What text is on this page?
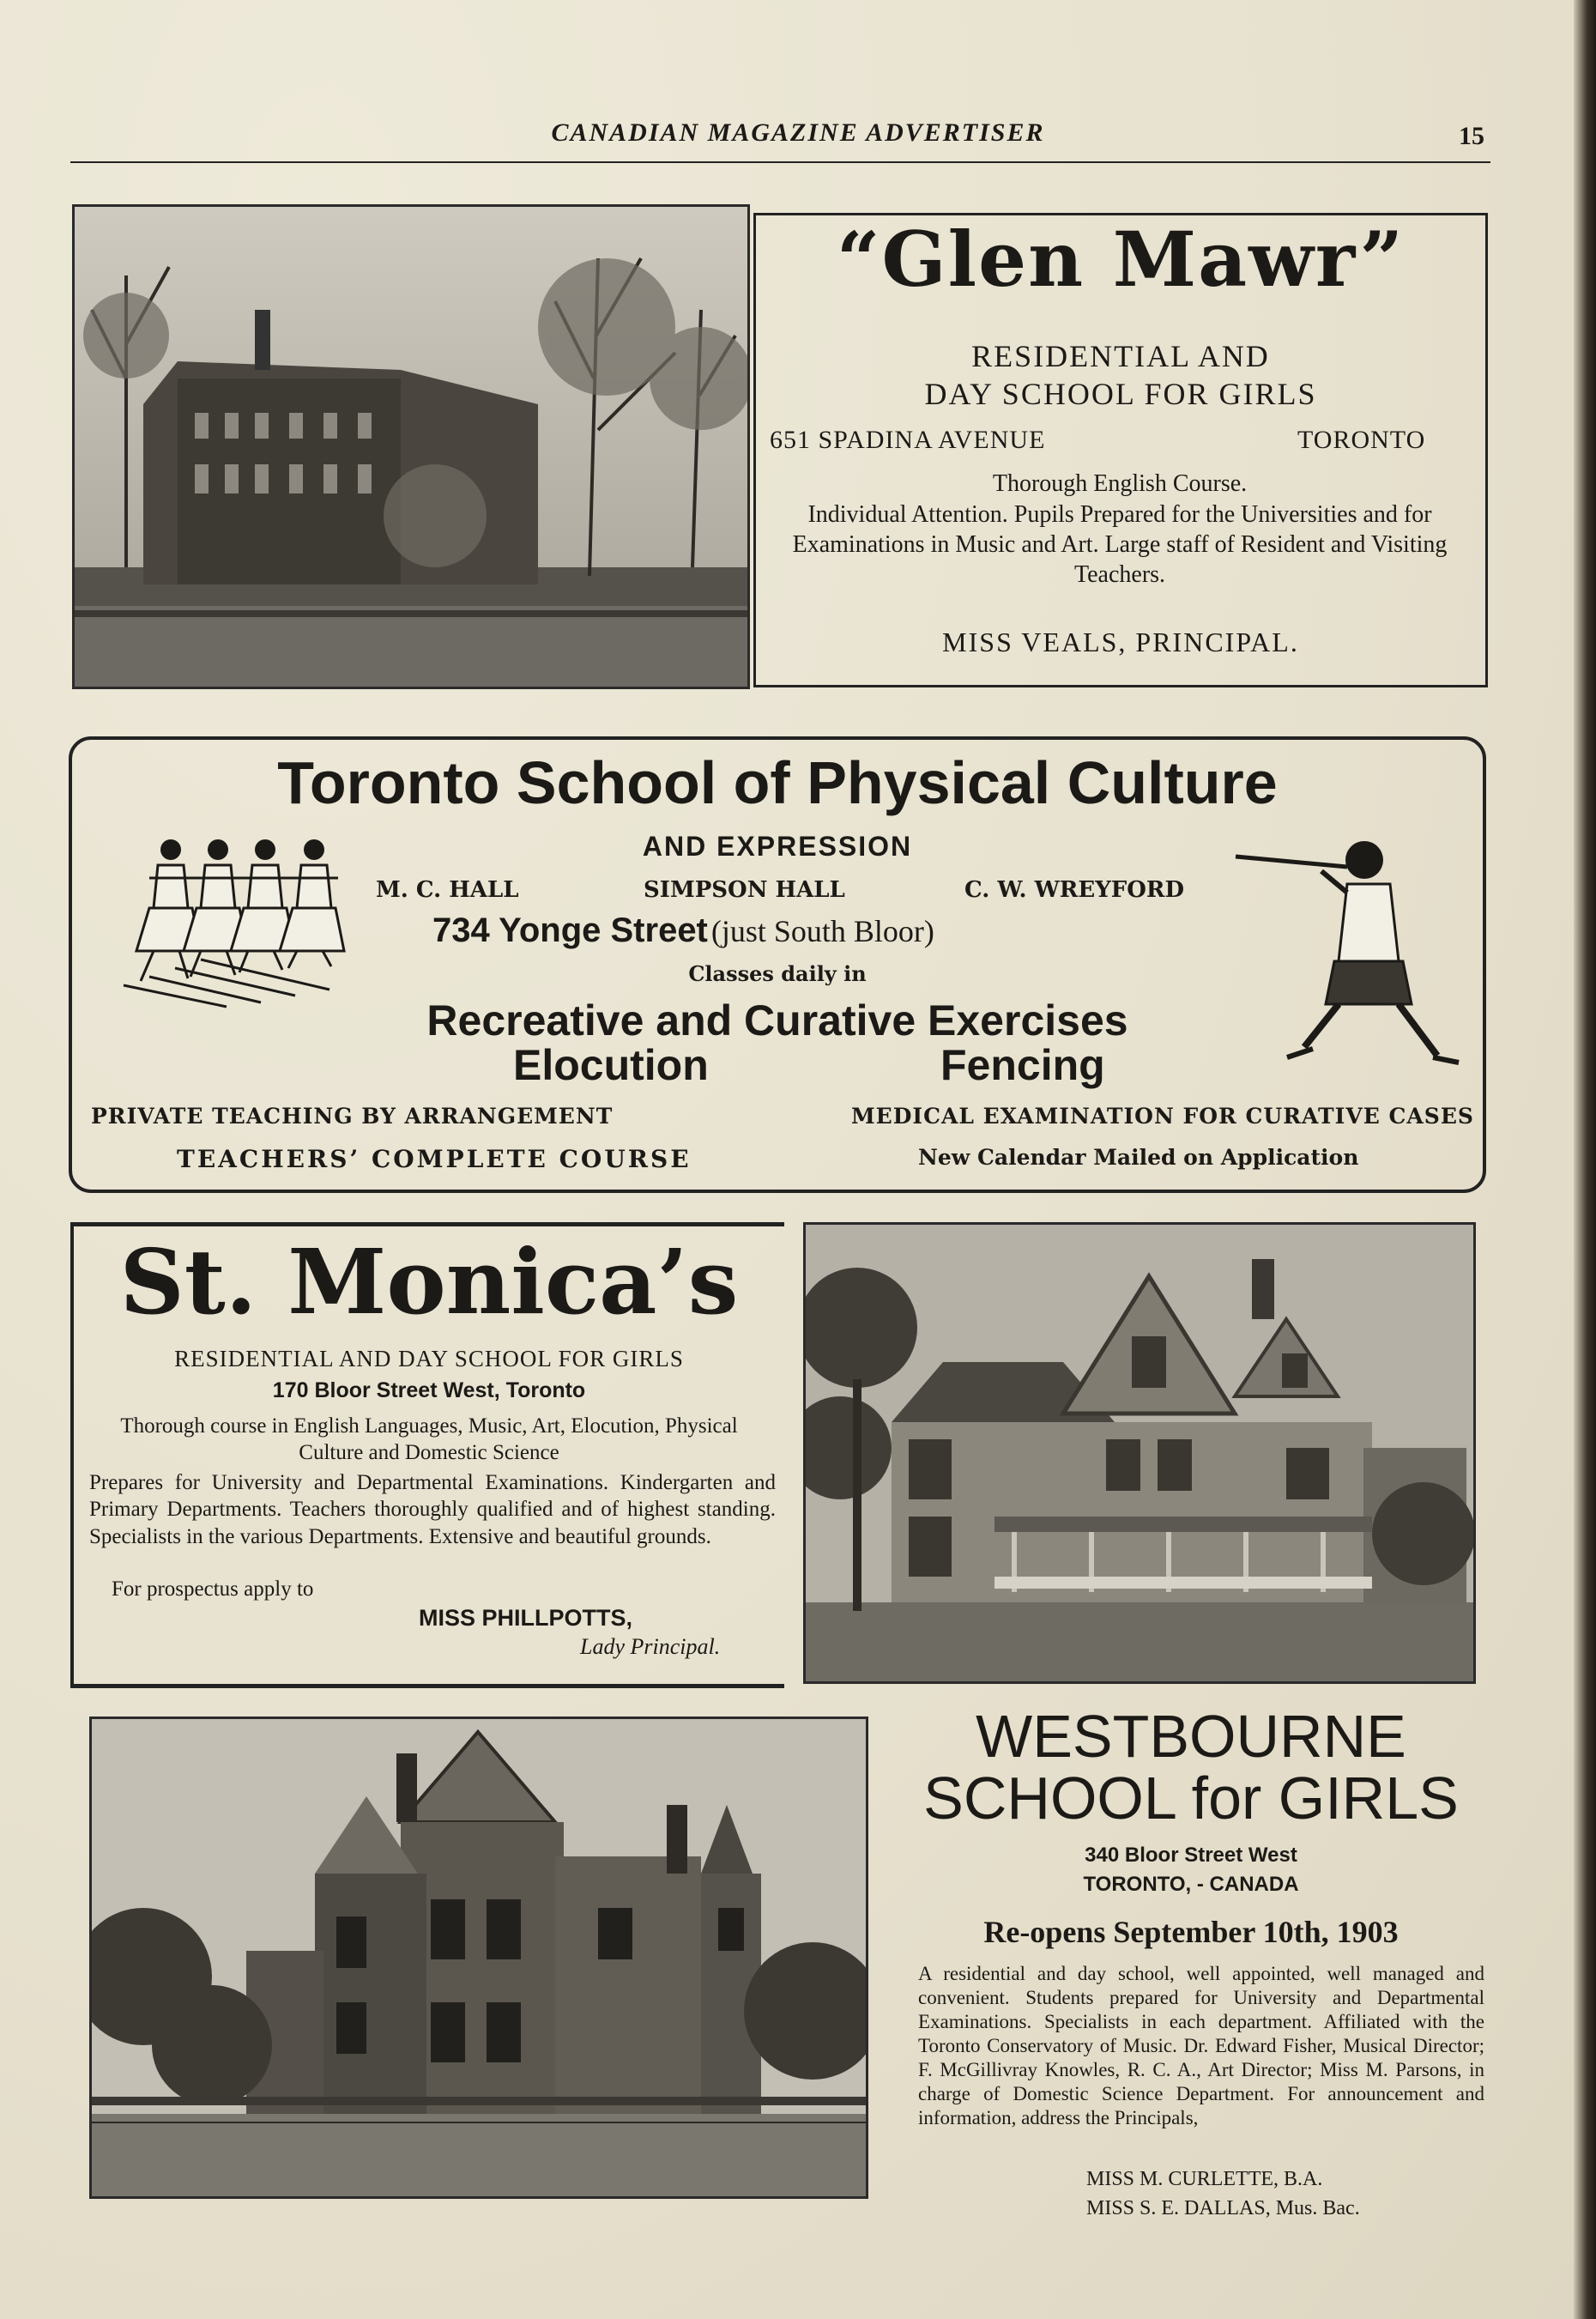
CANADIAN MAGAZINE ADVERTISER	15
“Glen Mawr”
RESIDENTIAL AND
DAY SCHOOL FOR GIRLS
651 SPADINA AVENUE	TORONTO
Thorough English Course.
Individual Attention. Pupils Prepared for the Universities and for Examinations in Music and Art. Large staff of Resident and Visiting Teachers.
MISS VEALS, PRINCIPAL.
Toronto School of Physical Culture
AND EXPRESSION
M. C. HALL	SIMPSON HALL	C. W. WREYFORD
734 Yonge Street (just South Bloor)
Classes daily in
Recreative and Curative Exercises
Elocution	Fencing
PRIVATE TEACHING BY ARRANGEMENT	MEDICAL EXAMINATION FOR CURATIVE CASES
TEACHERS’ COMPLETE COURSE	New Calendar Mailed on Application
St. Monica’s
RESIDENTIAL AND DAY SCHOOL FOR GIRLS
170 Bloor Street West, Toronto
Thorough course in English Languages, Music, Art, Elocution, Physical Culture and Domestic Science
Prepares for University and Departmental Examinations. Kindergarten and Primary Departments. Teachers thoroughly qualified and of highest standing. Specialists in the various Departments. Extensive and beautiful grounds.
For prospectus apply to
MISS PHILLPOTTS,
Lady Principal.
WESTBOURNE
SCHOOL for GIRLS
340 Bloor Street West
TORONTO, - CANADA
Re-opens September 10th, 1903
A residential and day school, well appointed, well managed and convenient. Students prepared for University and Departmental Examinations. Specialists in each department. Affiliated with the Toronto Conservatory of Music. Dr. Edward Fisher, Musical Director; F. McGillivray Knowles, R. C. A., Art Director; Miss M. Parsons, in charge of Domestic Science Department. For announcement and information, address the Principals,
MISS M. CURLETTE, B.A.
MISS S. E. DALLAS, Mus. Bac.
